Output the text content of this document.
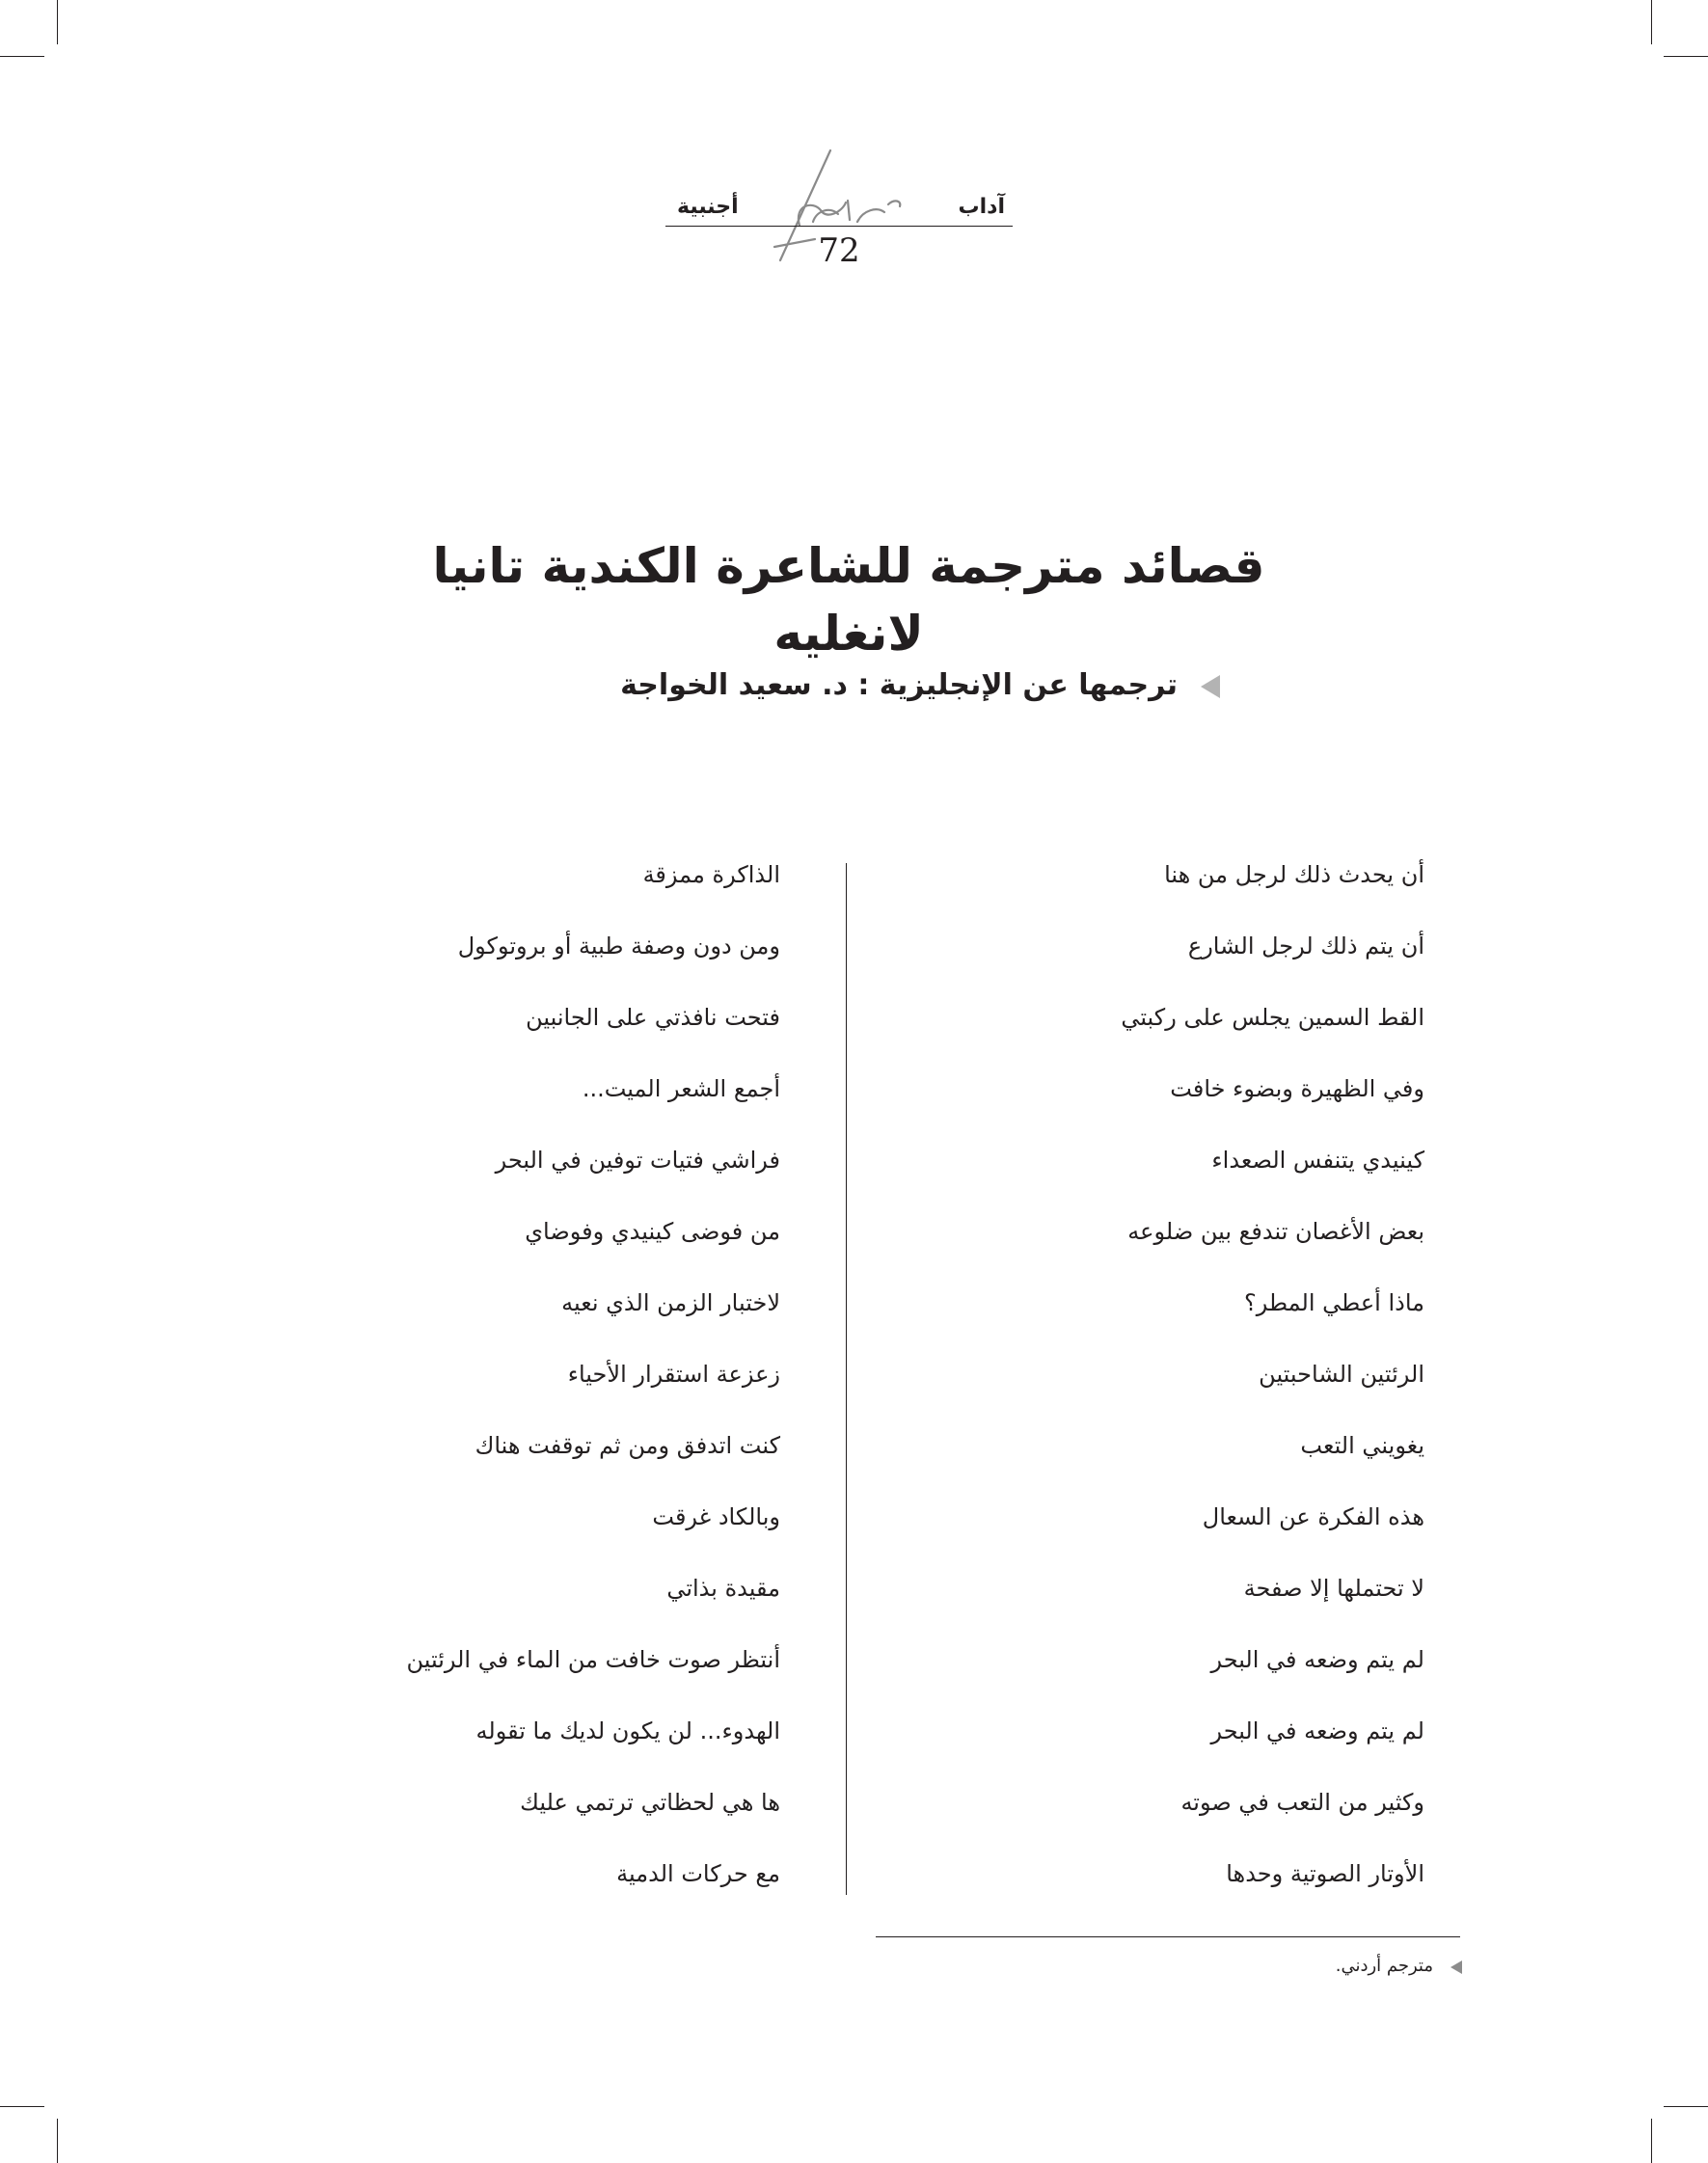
آداب
أجنبية
72
قصائد مترجمة للشاعرة الكندية تانيا لانغليه
ترجمها عن الإنجليزية : د. سعيد الخواجة
أن يحدث ذلك لرجل من هنا
أن يتم ذلك لرجل الشارع
القط السمين يجلس على ركبتي
وفي الظهيرة وبضوء خافت
كينيدي يتنفس الصعداء
بعض الأغصان تندفع بين ضلوعه
ماذا أعطي المطر؟
الرئتين الشاحبتين
يغويني التعب
هذه الفكرة عن السعال
لا تحتملها إلا صفحة
لم يتم وضعه في البحر
لم يتم وضعه في البحر
وكثير من التعب في صوته
الأوتار الصوتية وحدها
الذاكرة ممزقة
ومن دون وصفة طبية أو بروتوكول
فتحت نافذتي على الجانبين
أجمع الشعر الميت...
فراشي فتيات توفين في البحر
من فوضى كينيدي وفوضاي
لاختبار الزمن الذي نعيه
زعزعة استقرار الأحياء
كنت اتدفق ومن ثم توقفت هناك
وبالكاد غرقت
مقيدة بذاتي
أنتظر صوت خافت من الماء في الرئتين
الهدوء... لن يكون لديك ما تقوله
ها هي لحظاتي ترتمي عليك
مع حركات الدمية
مترجم أردني.
